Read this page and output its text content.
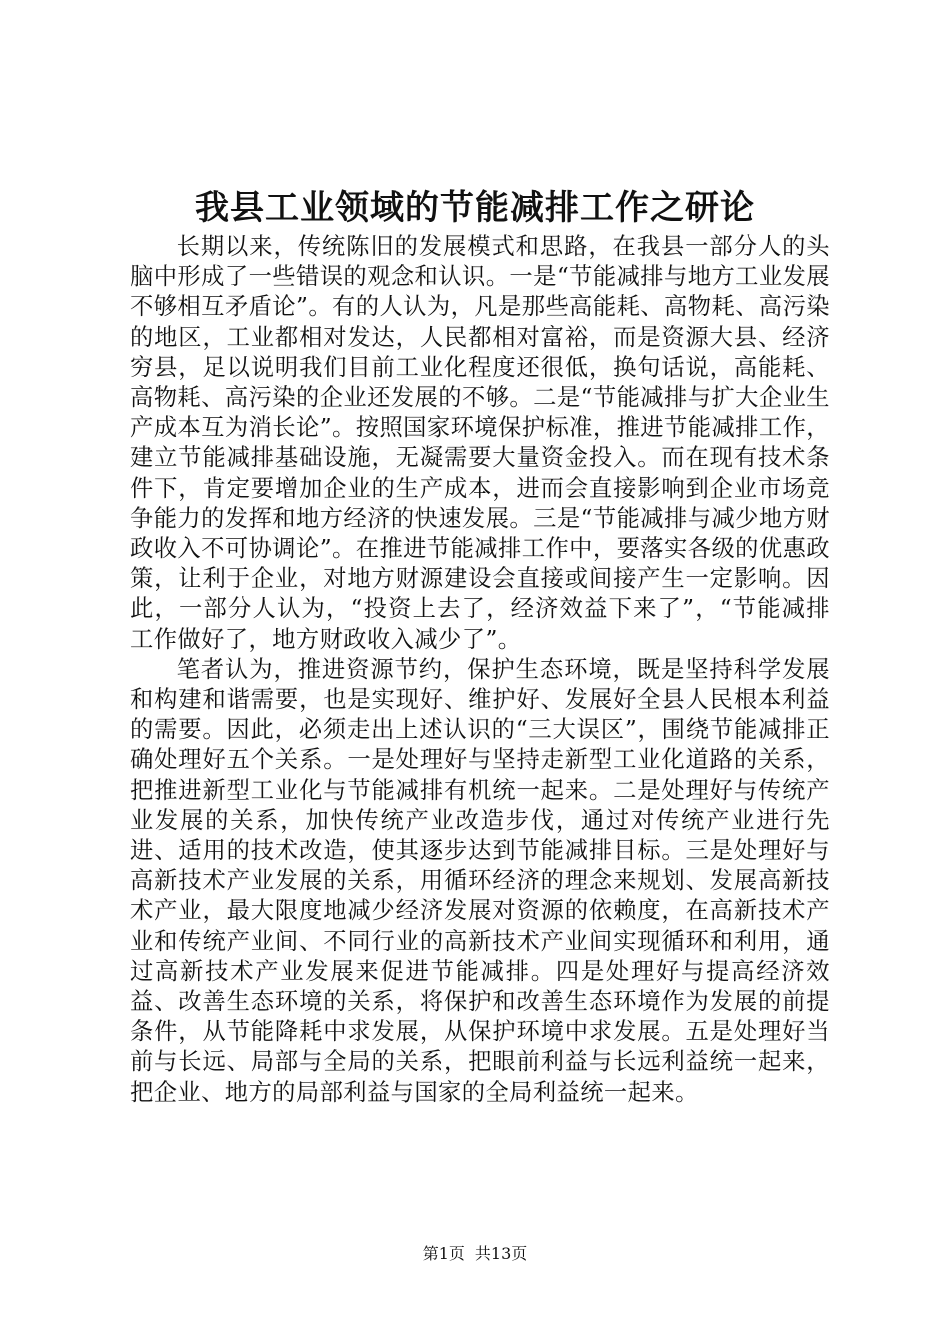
我县工业领域的节能减排工作之研论

长期以来，传统陈旧的发展模式和思路，在我县一部分人的头脑中形成了一些错误的观念和认识。一是“节能减排与地方工业发展不够相互矛盾论”。有的人认为，凡是那些高能耗、高物耗、高污染的地区，工业都相对发达，人民都相对富裕，而是资源大县、经济穷县，足以说明我们目前工业化程度还很低，换句话说，高能耗、高物耗、高污染的企业还发展的不够。二是“节能减排与扩大企业生产成本互为消长论”。按照国家环境保护标准，推进节能减排工作，建立节能减排基础设施，无凝需要大量资金投入。而在现有技术条件下，肯定要增加企业的生产成本，进而会直接影响到企业市场竞争能力的发挥和地方经济的快速发展。三是“节能减排与减少地方财政收入不可协调论”。在推进节能减排工作中，要落实各级的优惠政策，让利于企业，对地方财源建设会直接或间接产生一定影响。因此，一部分人认为，“投资上去了，经济效益下来了”，“节能减排工作做好了，地方财政收入减少了”。

笔者认为，推进资源节约，保护生态环境，既是坚持科学发展和构建和谐需要，也是实现好、维护好、发展好全县人民根本利益的需要。因此，必须走出上述认识的“三大误区”，围绕节能减排正确处理好五个关系。一是处理好与坚持走新型工业化道路的关系，把推进新型工业化与节能减排有机统一起来。二是处理好与传统产业发展的关系，加快传统产业改造步伐，通过对传统产业进行先进、适用的技术改造，使其逐步达到节能减排目标。三是处理好与高新技术产业发展的关系，用循环经济的理念来规划、发展高新技术产业，最大限度地减少经济发展对资源的依赖度，在高新技术产业和传统产业间、不同行业的高新技术产业间实现循环和利用，通过高新技术产业发展来促进节能减排。四是处理好与提高经济效益、改善生态环境的关系，将保护和改善生态环境作为发展的前提条件，从节能降耗中求发展，从保护环境中求发展。五是处理好当前与长远、局部与全局的关系，把眼前利益与长远利益统一起来，把企业、地方的局部利益与国家的全局利益统一起来。

第1页 共13页
